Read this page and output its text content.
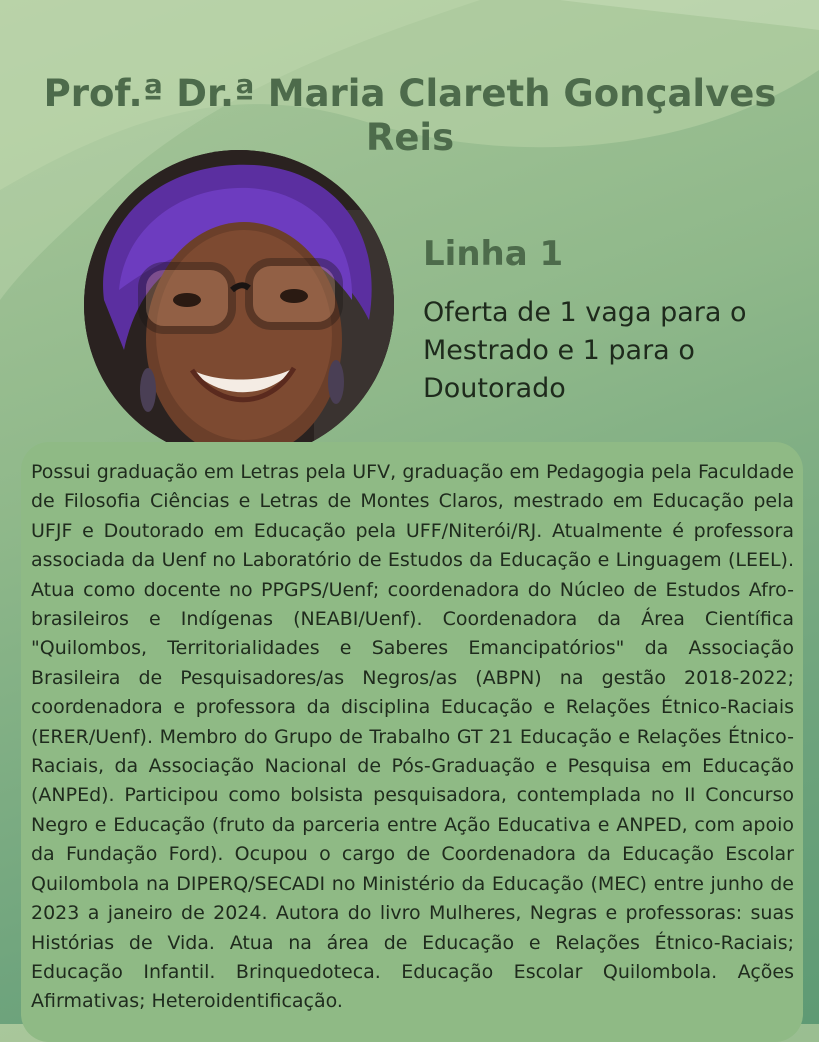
Prof.ª Dr.ª Maria Clareth Gonçalves Reis
Linha 1
Oferta de 1 vaga para o Mestrado e 1 para o Doutorado
Possui graduação em Letras pela UFV, graduação em Pedagogia pela Faculdade de Filosofia Ciências e Letras de Montes Claros, mestrado em Educação pela UFJF e Doutorado em Educação pela UFF/Niterói/RJ. Atualmente é professora associada da Uenf no Laboratório de Estudos da Educação e Linguagem (LEEL). Atua como docente no PPGPS/Uenf; coordenadora do Núcleo de Estudos Afro-brasileiros e Indígenas (NEABI/Uenf). Coordenadora da Área Científica "Quilombos, Territorialidades e Saberes Emancipatórios" da Associação Brasileira de Pesquisadores/as Negros/as (ABPN) na gestão 2018-2022; coordenadora e professora da disciplina Educação e Relações Étnico-Raciais (ERER/Uenf). Membro do Grupo de Trabalho GT 21 Educação e Relações Étnico-Raciais, da Associação Nacional de Pós-Graduação e Pesquisa em Educação (ANPEd). Participou como bolsista pesquisadora, contemplada no II Concurso Negro e Educação (fruto da parceria entre Ação Educativa e ANPED, com apoio da Fundação Ford). Ocupou o cargo de Coordenadora da Educação Escolar Quilombola na DIPERQ/SECADI no Ministério da Educação (MEC) entre junho de 2023 a janeiro de 2024. Autora do livro Mulheres, Negras e professoras: suas Histórias de Vida. Atua na área de Educação e Relações Étnico-Raciais; Educação Infantil. Brinquedoteca. Educação Escolar Quilombola. Ações Afirmativas; Heteroidentificação.
